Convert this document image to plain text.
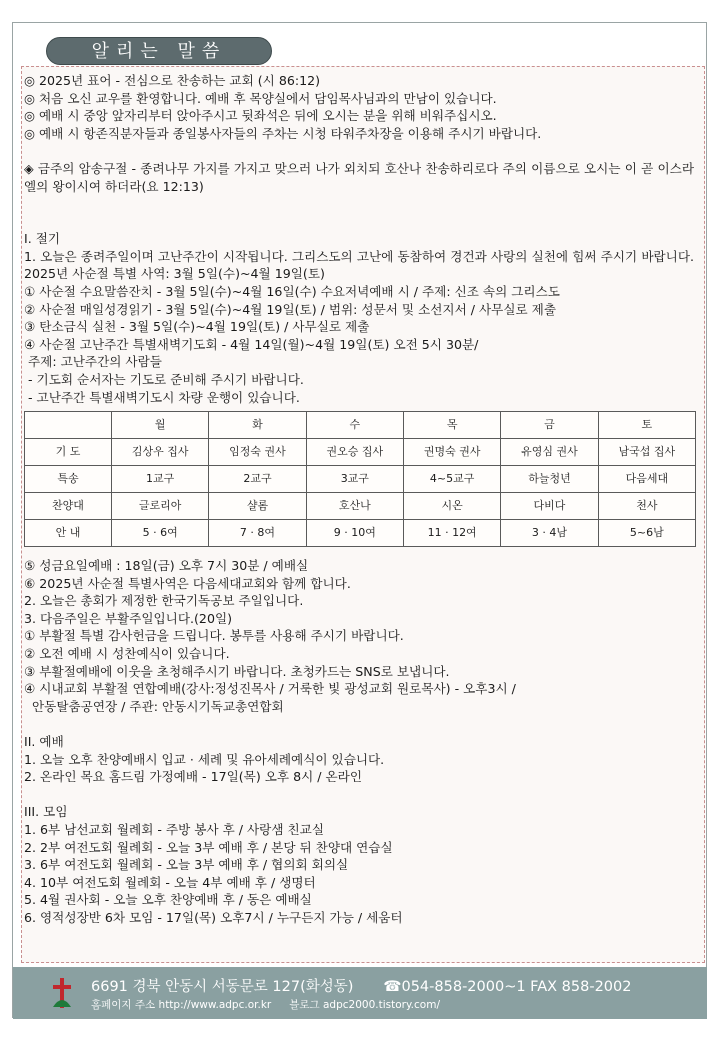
알리는 말씀

◎ 2025년 표어 - 전심으로 찬송하는 교회 (시 86:12)

◎ 처음 오신 교우를 환영합니다. 예배 후 목양실에서 담임목사님과의 만남이 있습니다.

◎ 예배 시 중앙 앞자리부터 앉아주시고 뒷좌석은 뒤에 오시는 분을 위해 비워주십시오.

◎ 예배 시 항존직분자들과 종일봉사자들의 주차는 시청 타워주차장을 이용해 주시기 바랍니다.

◈ 금주의 암송구절 - 종려나무 가지를 가지고 맞으러 나가 외치되 호산나 찬송하리로다 주의 이름으로 오시는 이 곧 이스라엘의 왕이시여 하더라(요 12:13)

I. 절기

1. 오늘은 종려주일이며 고난주간이 시작됩니다. 그리스도의 고난에 동참하여 경건과 사랑의 실천에 힘써 주시기 바랍니다. 2025년 사순절 특별 사역: 3월 5일(수)~4월 19일(토)

① 사순절 수요말씀잔치 - 3월 5일(수)~4월 16일(수) 수요저녁예배 시 / 주제: 신조 속의 그리스도

② 사순절 매일성경읽기 - 3월 5일(수)~4월 19일(토) / 범위: 성문서 및 소선지서 / 사무실로 제출

③ 탄소금식 실천 - 3월 5일(수)~4월 19일(토) / 사무실로 제출

④ 사순절 고난주간 특별새벽기도회 - 4월 14일(월)~4월 19일(토) 오전 5시 30분/

주제: 고난주간의 사람들

- 기도회 순서자는 기도로 준비해 주시기 바랍니다.

- 고난주간 특별새벽기도시 차량 운행이 있습니다.

	월	화	수	목	금	토
기 도	김상우 집사	임정숙 권사	권오승 집사	권명숙 권사	유영심 권사	남국섭 집사
특송	1교구	2교구	3교구	4~5교구	하늘청년	다음세대
찬양대	글로리아	샬롬	호산나	시온	다비다	천사
안 내	5 · 6여	7 · 8여	9 · 10여	11 · 12여	3 · 4남	5~6남

⑤ 성금요일예배 : 18일(금) 오후 7시 30분 / 예배실

⑥ 2025년 사순절 특별사역은 다음세대교회와 함께 합니다.

2. 오늘은 총회가 제정한 한국기독공보 주일입니다.

3. 다음주일은 부활주일입니다.(20일)

① 부활절 특별 감사헌금을 드립니다. 봉투를 사용해 주시기 바랍니다.

② 오전 예배 시 성찬예식이 있습니다.

③ 부활절예배에 이웃을 초청해주시기 바랍니다. 초청카드는 SNS로 보냅니다.

④ 시내교회 부활절 연합예배(강사:정성진목사 / 거룩한 빛 광성교회 원로목사) - 오후3시 /

안동탈춤공연장 / 주관: 안동시기독교총연합회

II. 예배

1. 오늘 오후 찬양예배시 입교 · 세례 및 유아세례예식이 있습니다.

2. 온라인 목요 홈드림 가정예배 - 17일(목) 오후 8시 / 온라인

III. 모임

1. 6부 남선교회 월례회 - 주방 봉사 후 / 사랑샘 친교실

2. 2부 여전도회 월례회 - 오늘 3부 예배 후 / 본당 뒤 찬양대 연습실

3. 6부 여전도회 월례회 - 오늘 3부 예배 후 / 협의회 회의실

4. 10부 여전도회 월례회 - 오늘 4부 예배 후 / 생명터

5. 4월 권사회 - 오늘 오후 찬양예배 후 / 동은 예배실

6. 영적성장반 6차 모임 - 17일(목) 오후7시 / 누구든지 가능 / 세움터

6691 경북 안동시 서동문로 127(화성동) ☎054-858-2000~1 FAX 858-2002
홈페이지 주소 http://www.adpc.or.kr 블로그 adpc2000.tistory.com/
